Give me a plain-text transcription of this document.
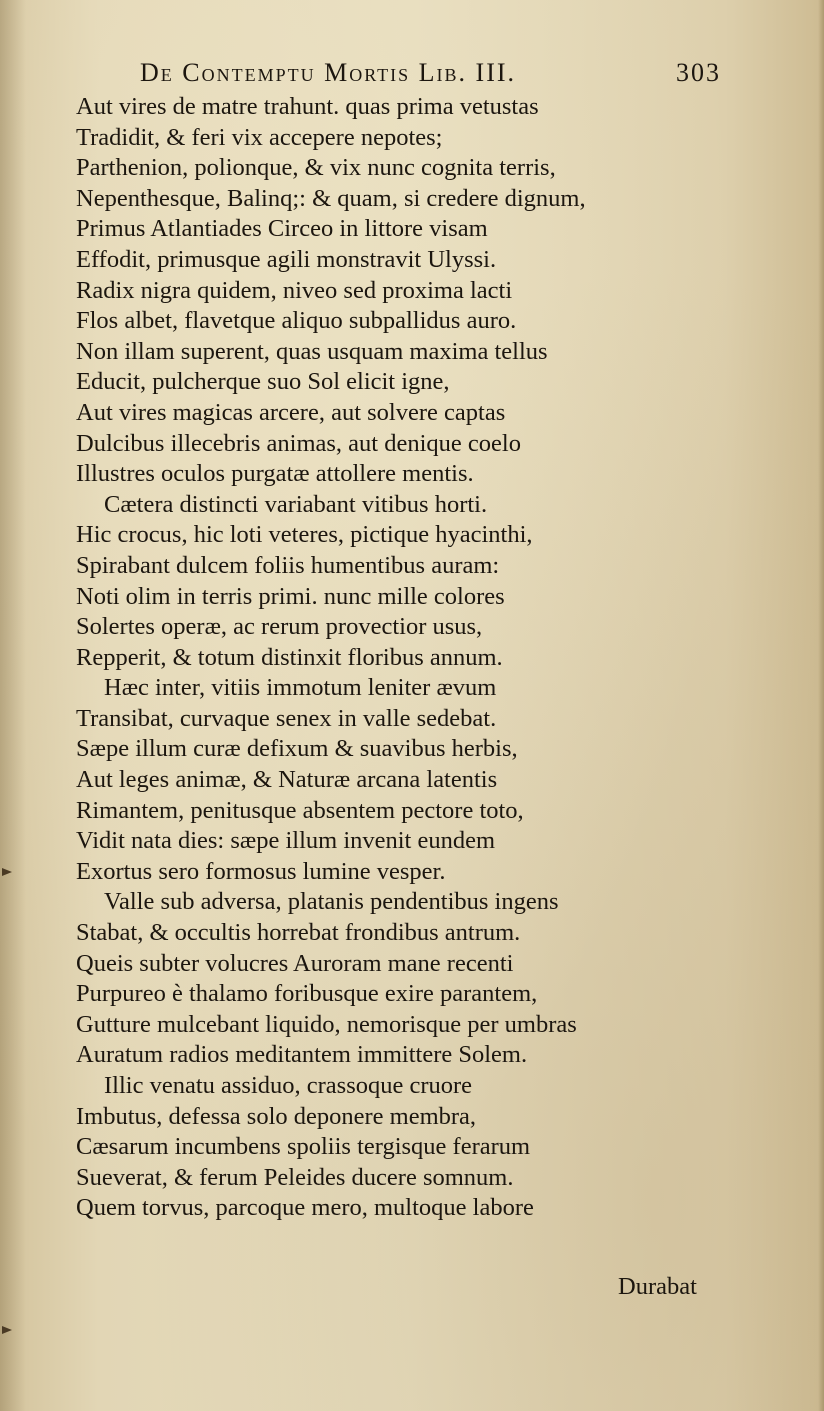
De Contemptu Mortis Lib. III.	303
Aut vires de matre trahunt. quas prima vetustas
Tradidit, & feri vix accepere nepotes;
Parthenion, polionque, & vix nunc cognita terris,
Nepenthesque, Balinq;: & quam, si credere dignum,
Primus Atlantiades Circeo in littore visam
Effodit, primusque agili monstravit Ulyssi.
Radix nigra quidem, niveo sed proxima lacti
Flos albet, flavetque aliquo subpallidus auro.
Non illam superent, quas usquam maxima tellus
Educit, pulcherque suo Sol elicit igne,
Aut vires magicas arcere, aut solvere captas
Dulcibus illecebris animas, aut denique coelo
Illustres oculos purgatæ attollere mentis.
Cætera distincti variabant vitibus horti.
Hic crocus, hic loti veteres, pictique hyacinthi,
Spirabant dulcem foliis humentibus auram:
Noti olim in terris primi. nunc mille colores
Solertes operæ, ac rerum provectior usus,
Repperit, & totum distinxit floribus annum.
Hæc inter, vitiis immotum leniter ævum
Transibat, curvaque senex in valle sedebat.
Sæpe illum curæ defixum & suavibus herbis,
Aut leges animæ, & Naturæ arcana latentis
Rimantem, penitusque absentem pectore toto,
Vidit nata dies: sæpe illum invenit eundem
Exortus sero formosus lumine vesper.
Valle sub adversa, platanis pendentibus ingens
Stabat, & occultis horrebat frondibus antrum.
Queis subter volucres Auroram mane recenti
Purpureo è thalamo foribusque exire parantem,
Gutture mulcebant liquido, nemorisque per umbras
Auratum radios meditantem immittere Solem.
Illic venatu assiduo, crassoque cruore
Imbutus, defessa solo deponere membra,
Cæsarum incumbens spoliis tergisque ferarum
Sueverat, & ferum Peleides ducere somnum.
Quem torvus, parcoque mero, multoque labore
Durabat
